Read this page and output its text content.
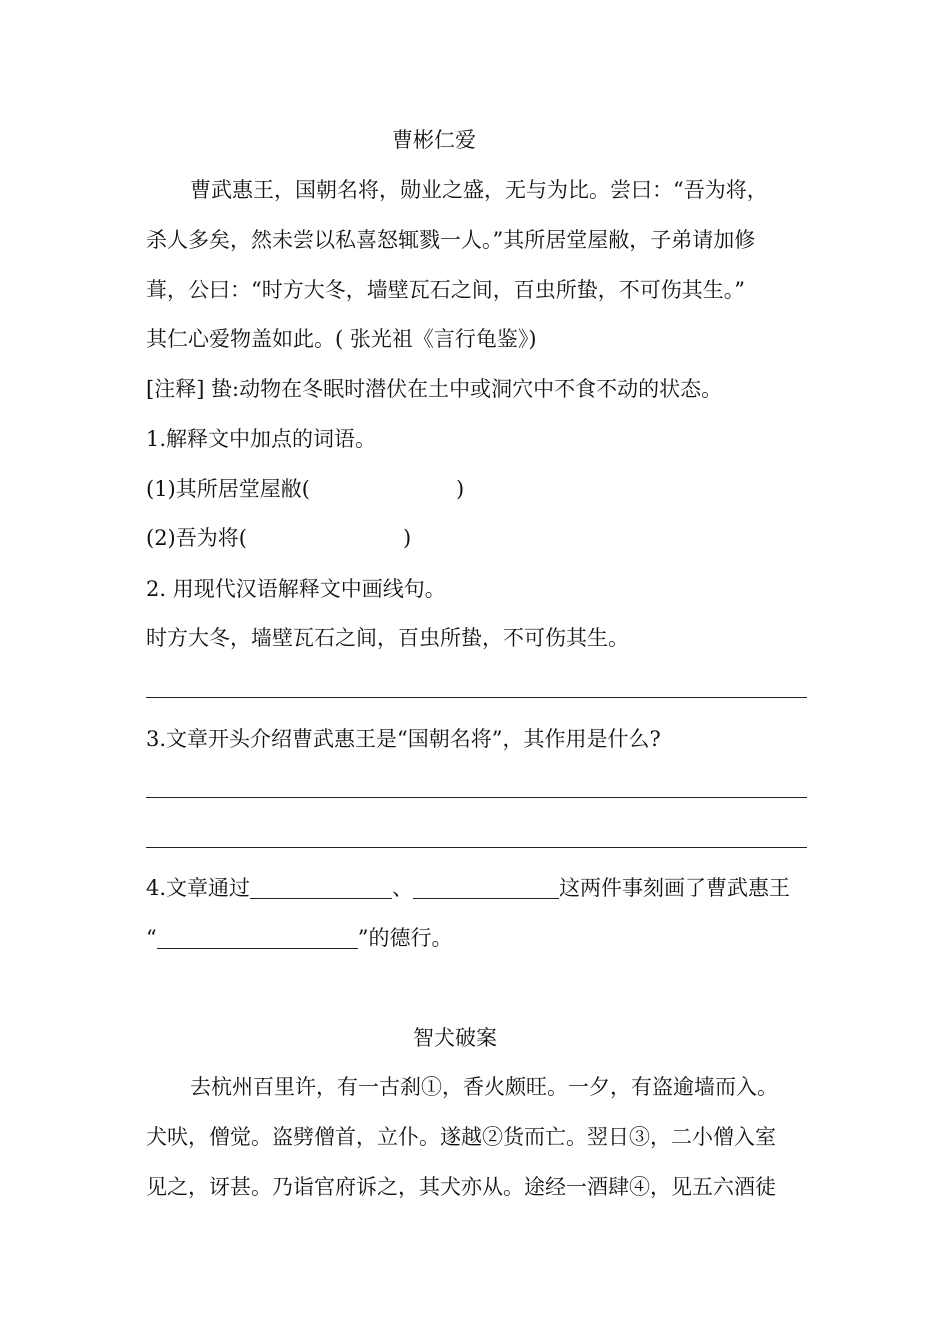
曹彬仁爱
曹武惠王，国朝名将，勋业之盛，无与为比。尝曰：“吾为将，
杀人多矣，然未尝以私喜怒辄戮一人。”其所居堂屋敝，子弟请加修
葺，公曰：“时方大冬，墙壁瓦石之间，百虫所蛰，不可伤其生。”
其仁心爱物盖如此。( 张光祖《言行龟鉴》)
[注释] 蛰:动物在冬眠时潜伏在土中或洞穴中不食不动的状态。
1.解释文中加点的词语。
(1)其所居堂屋敝(	)
(2)吾为将(	)
2. 用现代汉语解释文中画线句。
时方大冬，墙壁瓦石之间，百虫所蛰，不可伤其生。
3.文章开头介绍曹武惠王是“国朝名将”，其作用是什么?
4.文章通过	、	这两件事刻画了曹武惠王
“	”的德行。
智犬破案
去杭州百里许，有一古刹①，香火颇旺。一夕，有盗逾墙而入。
犬吠，僧觉。盗劈僧首，立仆。遂越②货而亡。翌日③，二小僧入室
见之，讶甚。乃诣官府诉之，其犬亦从。途经一酒肆④，见五六酒徒
